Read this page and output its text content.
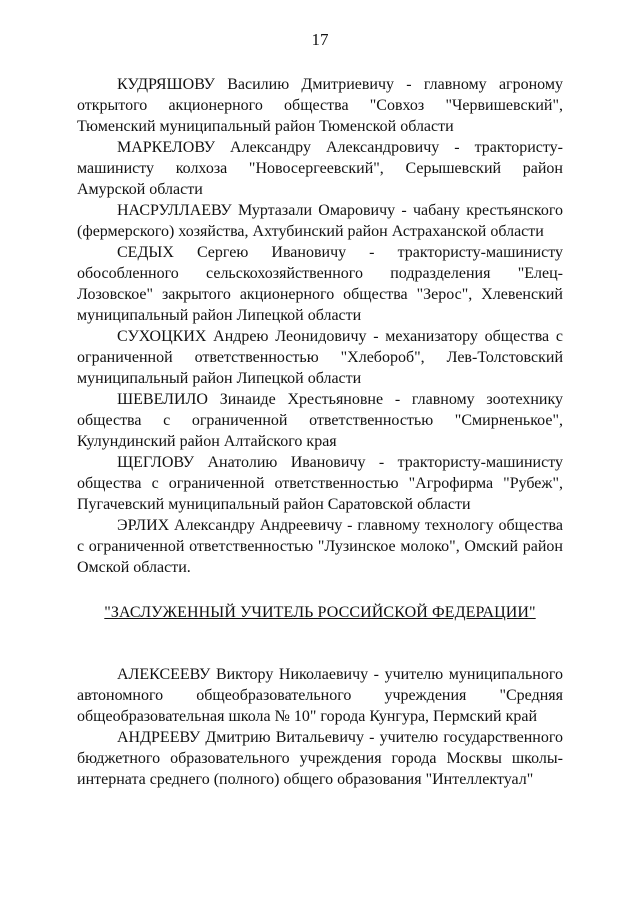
17

КУДРЯШОВУ Василию Дмитриевичу - главному агроному открытого акционерного общества "Совхоз "Червишевский", Тюменский муниципальный район Тюменской области

МАРКЕЛОВУ Александру Александровичу - трактористу-машинисту колхоза "Новосергеевский", Серышевский район Амурской области

НАСРУЛЛАЕВУ Муртазали Омаровичу - чабану крестьянского (фермерского) хозяйства, Ахтубинский район Астраханской области

СЕДЫХ Сергею Ивановичу - трактористу-машинисту обособленного сельскохозяйственного подразделения "Елец-Лозовское" закрытого акционерного общества "Зерос", Хлевенский муниципальный район Липецкой области

СУХОЦКИХ Андрею Леонидовичу - механизатору общества с ограниченной ответственностью "Хлебороб", Лев-Толстовский муниципальный район Липецкой области

ШЕВЕЛИЛО Зинаиде Хрестьяновне - главному зоотехнику общества с ограниченной ответственностью "Смирненькое", Кулундинский район Алтайского края

ЩЕГЛОВУ Анатолию Ивановичу - трактористу-машинисту общества с ограниченной ответственностью "Агрофирма "Рубеж", Пугачевский муниципальный район Саратовской области

ЭРЛИХ Александру Андреевичу - главному технологу общества с ограниченной ответственностью "Лузинское молоко", Омский район Омской области.

"ЗАСЛУЖЕННЫЙ УЧИТЕЛЬ РОССИЙСКОЙ ФЕДЕРАЦИИ"

АЛЕКСЕЕВУ Виктору Николаевичу - учителю муниципального автономного общеобразовательного учреждения "Средняя общеобразовательная школа № 10" города Кунгура, Пермский край

АНДРЕЕВУ Дмитрию Витальевичу - учителю государственного бюджетного образовательного учреждения города Москвы школы-интерната среднего (полного) общего образования "Интеллектуал"
